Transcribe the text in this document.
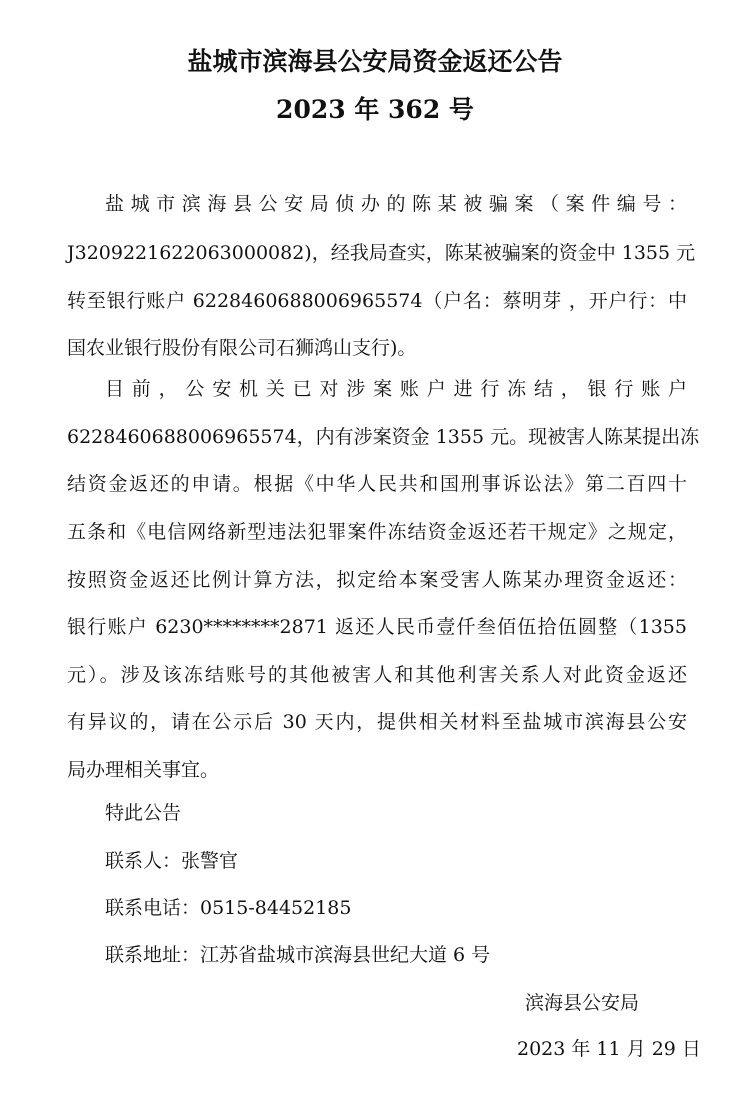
盐城市滨海县公安局资金返还公告
2023 年 362 号
盐城市滨海县公安局侦办的陈某被骗案（案件编号：
J3209221622063000082)，经我局查实，陈某被骗案的资金中 1355 元
转至银行账户 6228460688006965574（户名：蔡明芽 ，开户行：中
国农业银行股份有限公司石狮鸿山支行)。
目前，公安机关已对涉案账户进行冻结，银行账户
6228460688006965574，内有涉案资金 1355 元。现被害人陈某提出冻
结资金返还的申请。根据《中华人民共和国刑事诉讼法》第二百四十
五条和《电信网络新型违法犯罪案件冻结资金返还若干规定》之规定，
按照资金返还比例计算方法，拟定给本案受害人陈某办理资金返还：
银行账户 6230********2871 返还人民币壹仟叁佰伍拾伍圆整（1355
元）。涉及该冻结账号的其他被害人和其他利害关系人对此资金返还
有异议的，请在公示后 30 天内，提供相关材料至盐城市滨海县公安
局办理相关事宜。
特此公告
联系人：张警官
联系电话：0515-84452185
联系地址：江苏省盐城市滨海县世纪大道 6 号
滨海县公安局
2023 年 11 月 29 日
